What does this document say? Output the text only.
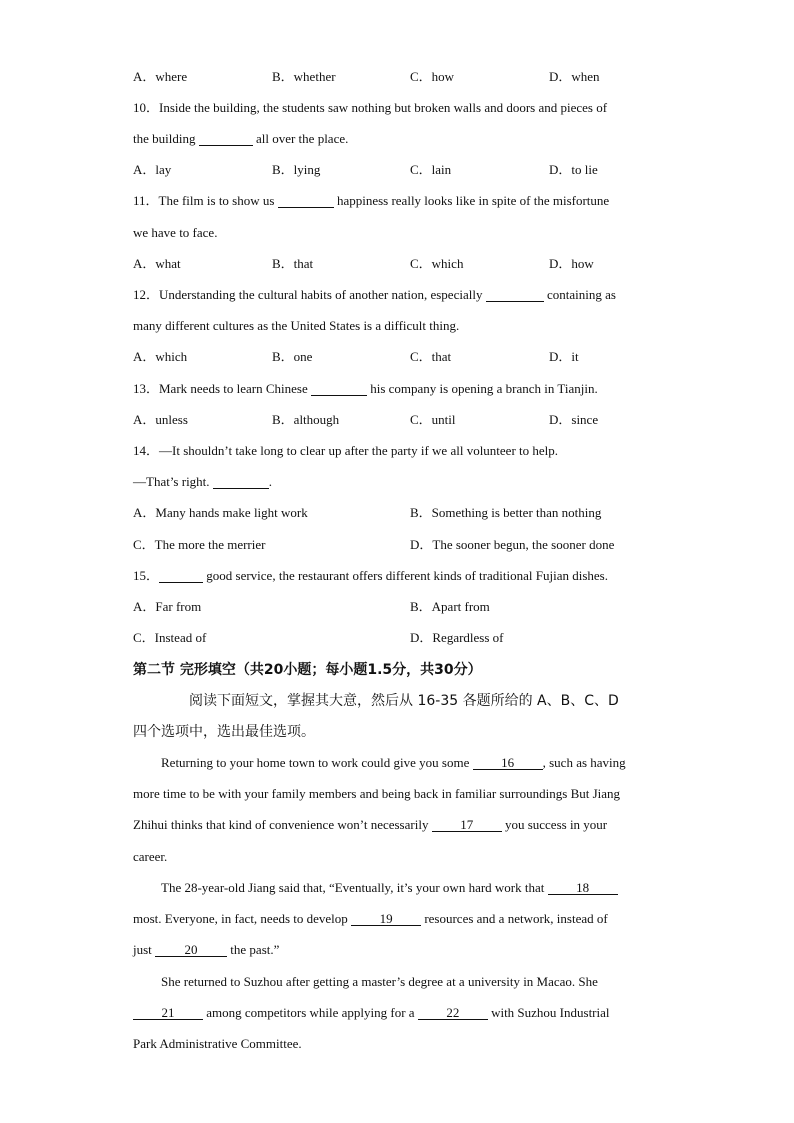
A．where	B．whether	C．how	D．when
10．Inside the building, the students saw nothing but broken walls and doors and pieces of
the building	all over the place.
A．lay	B．lying	C．lain	D．to lie
11．The film is to show us	happiness really looks like in spite of the misfortune
we have to face.
A．what	B．that	C．which	D．how
12．Understanding the cultural habits of another nation, especially	containing as
many different cultures as the United States is a difficult thing.
A．which	B．one	C．that	D．it
13．Mark needs to learn Chinese	his company is opening a branch in Tianjin.
A．unless	B．although	C．until	D．since
14．—It shouldn’t take long to clear up after the party if we all volunteer to help.
—That’s right.	.
A．Many hands make light work	B．Something is better than nothing
C．The more the merrier	D．The sooner begun, the sooner done
15．	good service, the restaurant offers different kinds of traditional Fujian dishes.
A．Far from	B．Apart from
C．Instead of	D．Regardless of
第二节 完形填空（共20小题；每小题1.5分，共30分）
阅读下面短文，掌握其大意，然后从 16-35 各题所给的 A、B、C、D
四个选项中，选出最佳选项。
Returning to your home town to work could give you some 16 , such as having
more time to be with your family members and being back in familiar surroundings But Jiang
Zhihui thinks that kind of convenience won’t necessarily 17 you success in your
career.
The 28-year-old Jiang said that, “Eventually, it’s your own hard work that 18
most. Everyone, in fact, needs to develop 19 resources and a network, instead of
just 20 the past.”
She returned to Suzhou after getting a master’s degree at a university in Macao. She
21 among competitors while applying for a 22 with Suzhou Industrial
Park Administrative Committee.
